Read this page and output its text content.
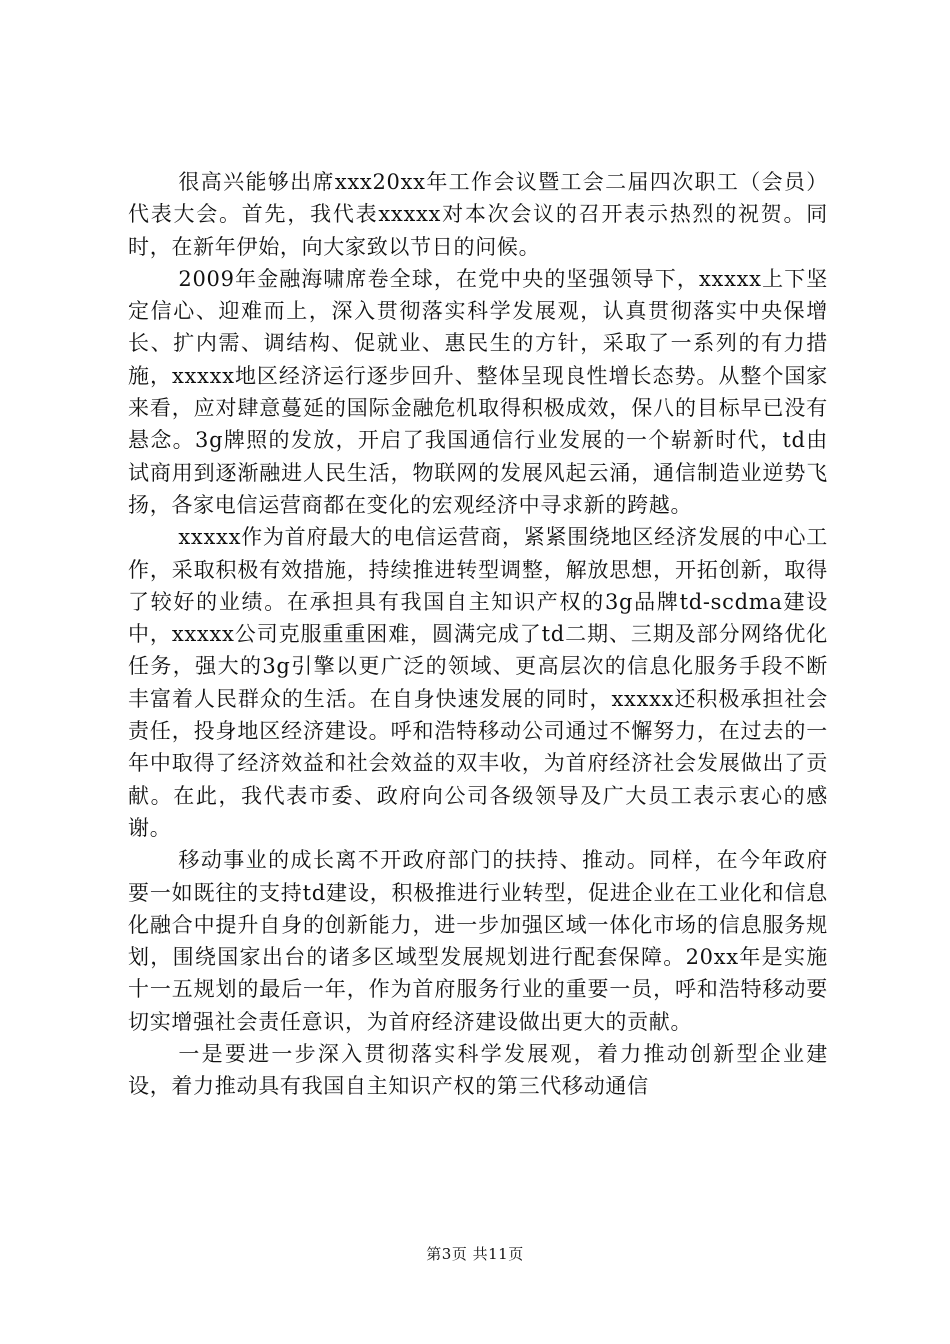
很高兴能够出席xxx20xx年工作会议暨工会二届四次职工（会员）代表大会。首先，我代表xxxxx对本次会议的召开表示热烈的祝贺。同时，在新年伊始，向大家致以节日的问候。

2009年金融海啸席卷全球，在党中央的坚强领导下，xxxxx上下坚定信心、迎难而上，深入贯彻落实科学发展观，认真贯彻落实中央保增长、扩内需、调结构、促就业、惠民生的方针，采取了一系列的有力措施，xxxxx地区经济运行逐步回升、整体呈现良性增长态势。从整个国家来看，应对肆意蔓延的国际金融危机取得积极成效，保八的目标早已没有悬念。3g牌照的发放，开启了我国通信行业发展的一个崭新时代，td由试商用到逐渐融进人民生活，物联网的发展风起云涌，通信制造业逆势飞扬，各家电信运营商都在变化的宏观经济中寻求新的跨越。

xxxxx作为首府最大的电信运营商，紧紧围绕地区经济发展的中心工作，采取积极有效措施，持续推进转型调整，解放思想，开拓创新，取得了较好的业绩。在承担具有我国自主知识产权的3g品牌td-scdma建设中，xxxxx公司克服重重困难，圆满完成了td二期、三期及部分网络优化任务，强大的3g引擎以更广泛的领域、更高层次的信息化服务手段不断丰富着人民群众的生活。在自身快速发展的同时，xxxxx还积极承担社会责任，投身地区经济建设。呼和浩特移动公司通过不懈努力，在过去的一年中取得了经济效益和社会效益的双丰收，为首府经济社会发展做出了贡献。在此，我代表市委、政府向公司各级领导及广大员工表示衷心的感谢。

移动事业的成长离不开政府部门的扶持、推动。同样，在今年政府要一如既往的支持td建设，积极推进行业转型，促进企业在工业化和信息化融合中提升自身的创新能力，进一步加强区域一体化市场的信息服务规划，围绕国家出台的诸多区域型发展规划进行配套保障。20xx年是实施十一五规划的最后一年，作为首府服务行业的重要一员，呼和浩特移动要切实增强社会责任意识，为首府经济建设做出更大的贡献。

一是要进一步深入贯彻落实科学发展观，着力推动创新型企业建设，着力推动具有我国自主知识产权的第三代移动通信

第3页 共11页
